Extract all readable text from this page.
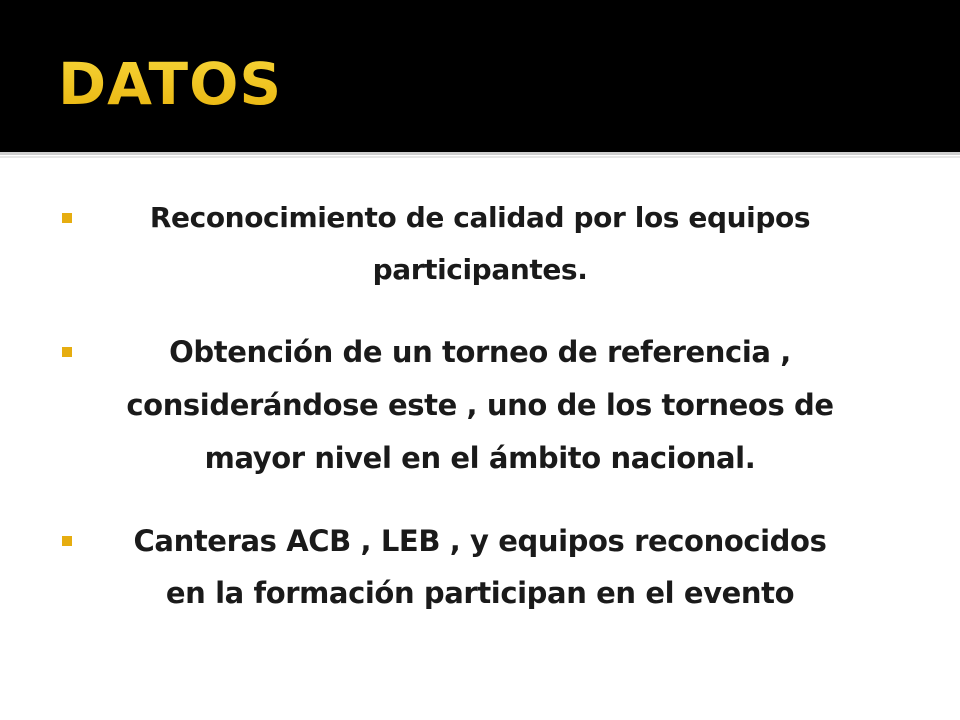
DATOS
Reconocimiento de calidad por los equipos
participantes.
Obtención de un torneo de referencia ,
considerándose este , uno de los torneos de
mayor nivel en el ámbito nacional.
Canteras ACB , LEB , y equipos reconocidos
en la formación participan en el evento
